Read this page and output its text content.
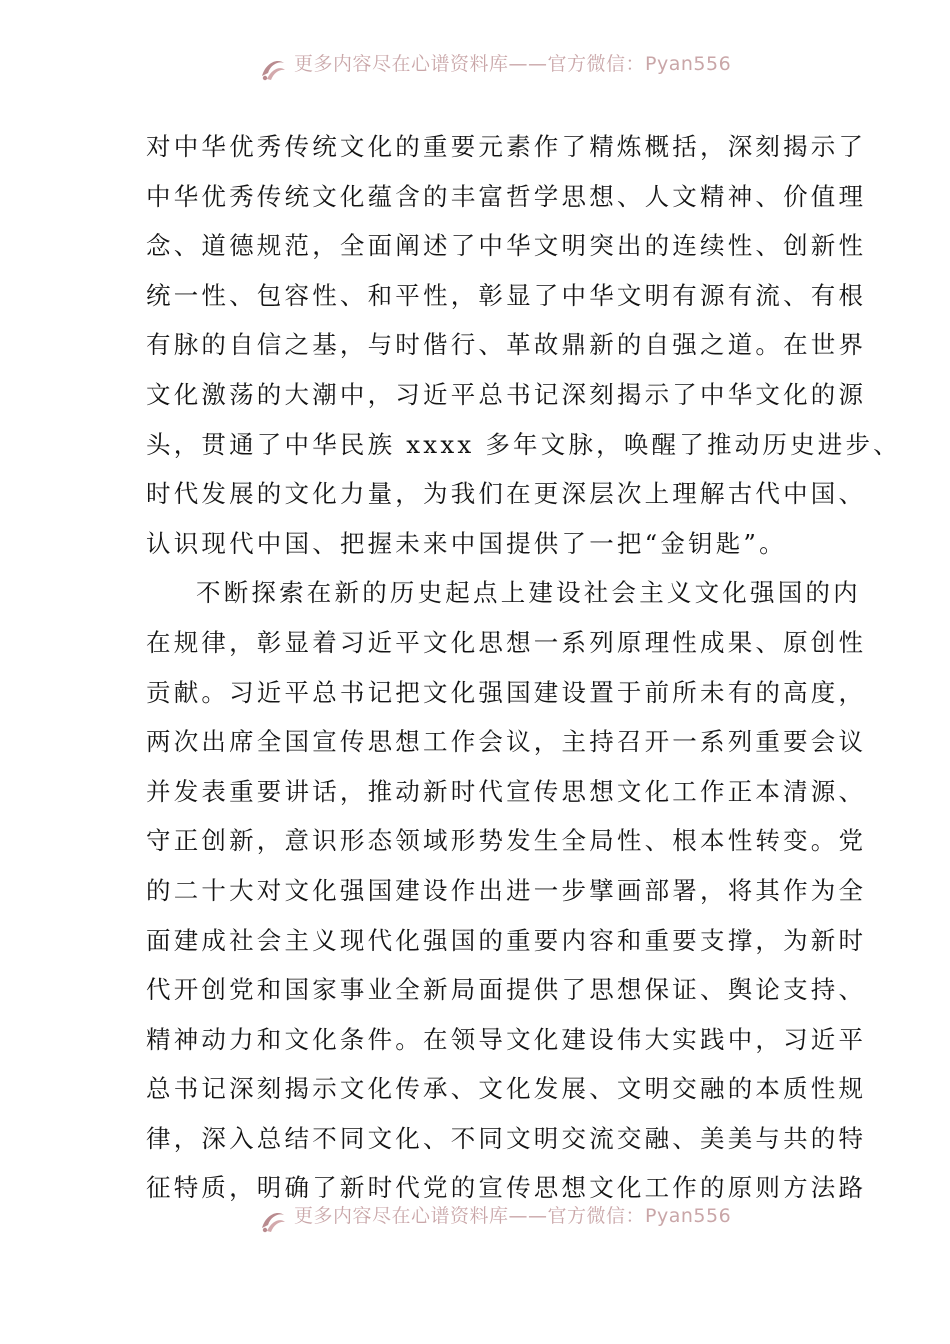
更多内容尽在心谱资料库——官方微信：Pyan556
对中华优秀传统文化的重要元素作了精炼概括，深刻揭示了
中华优秀传统文化蕴含的丰富哲学思想、人文精神、价值理
念、道德规范，全面阐述了中华文明突出的连续性、创新性
统一性、包容性、和平性，彰显了中华文明有源有流、有根
有脉的自信之基，与时偕行、革故鼎新的自强之道。在世界
文化激荡的大潮中，习近平总书记深刻揭示了中华文化的源
头，贯通了中华民族 xxxx 多年文脉，唤醒了推动历史进步、
时代发展的文化力量，为我们在更深层次上理解古代中国、
认识现代中国、把握未来中国提供了一把“金钥匙”。
不断探索在新的历史起点上建设社会主义文化强国的内
在规律，彰显着习近平文化思想一系列原理性成果、原创性
贡献。习近平总书记把文化强国建设置于前所未有的高度，
两次出席全国宣传思想工作会议，主持召开一系列重要会议
并发表重要讲话，推动新时代宣传思想文化工作正本清源、
守正创新，意识形态领域形势发生全局性、根本性转变。党
的二十大对文化强国建设作出进一步擘画部署，将其作为全
面建成社会主义现代化强国的重要内容和重要支撑，为新时
代开创党和国家事业全新局面提供了思想保证、舆论支持、
精神动力和文化条件。在领导文化建设伟大实践中，习近平
总书记深刻揭示文化传承、文化发展、文明交融的本质性规
律，深入总结不同文化、不同文明交流交融、美美与共的特
征特质，明确了新时代党的宣传思想文化工作的原则方法路
更多内容尽在心谱资料库——官方微信：Pyan556
